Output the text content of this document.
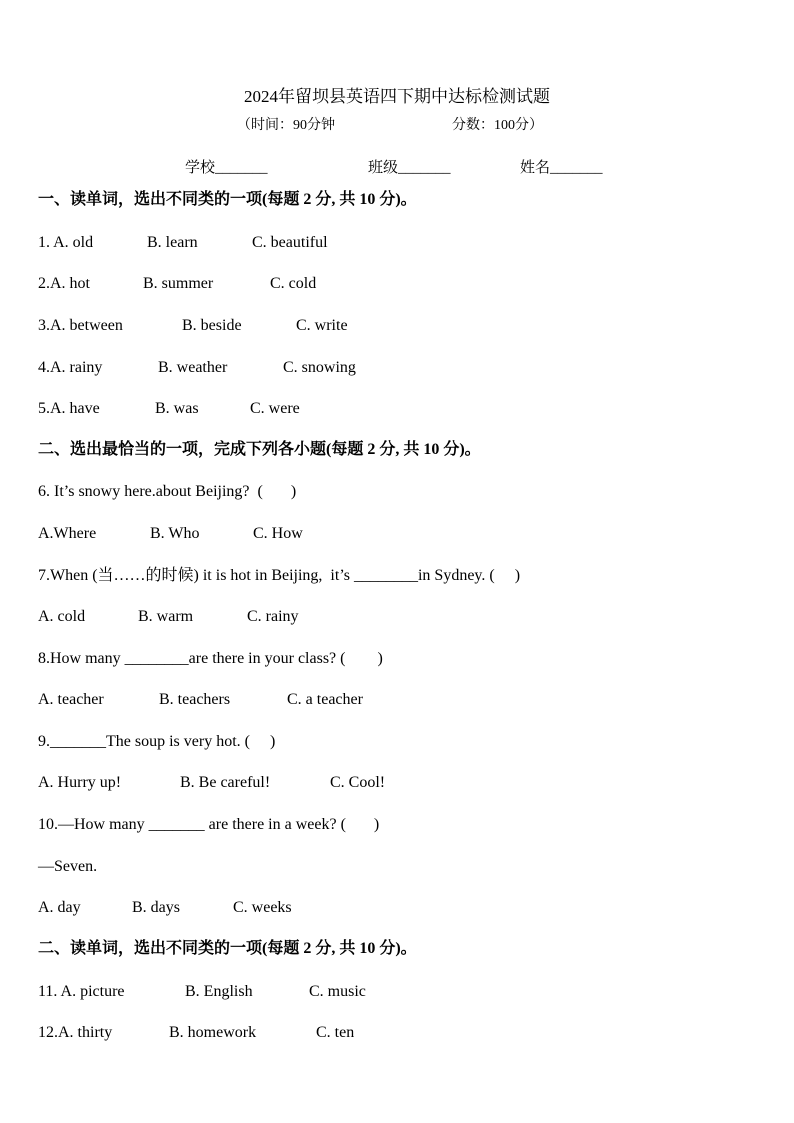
2024年留坝县英语四下期中达标检测试题
（时间：90分钟	分数：100分）
学校_______	班级_______	姓名_______
一、读单词，选出不同类的一项(每题 2 分, 共 10 分)。
1. A. old	B. learn	C. beautiful
2.A. hot	B. summer	C. cold
3.A. between	B. beside	C. write
4.A. rainy	B. weather	C. snowing
5.A. have	B. was	C. were
二、选出最恰当的一项，完成下列各小题(每题 2 分, 共 10 分)。
6. It’s snowy here.about Beijing?  (       )
A.Where	B. Who	C. How
7.When (当……的时候) it is hot in Beijing,  it’s ________in Sydney. (     )
A. cold	B. warm	C. rainy
8.How many ________are there in your class? (        )
A. teacher	B. teachers	C. a teacher
9._______The soup is very hot. (     )
A. Hurry up!	B. Be careful!	C. Cool!
10.—How many _______ are there in a week? (       )
—Seven.
A. day	B. days	C. weeks
二、读单词，选出不同类的一项(每题 2 分, 共 10 分)。
11. A. picture	B. English	C. music
12.A. thirty	B. homework	C. ten
